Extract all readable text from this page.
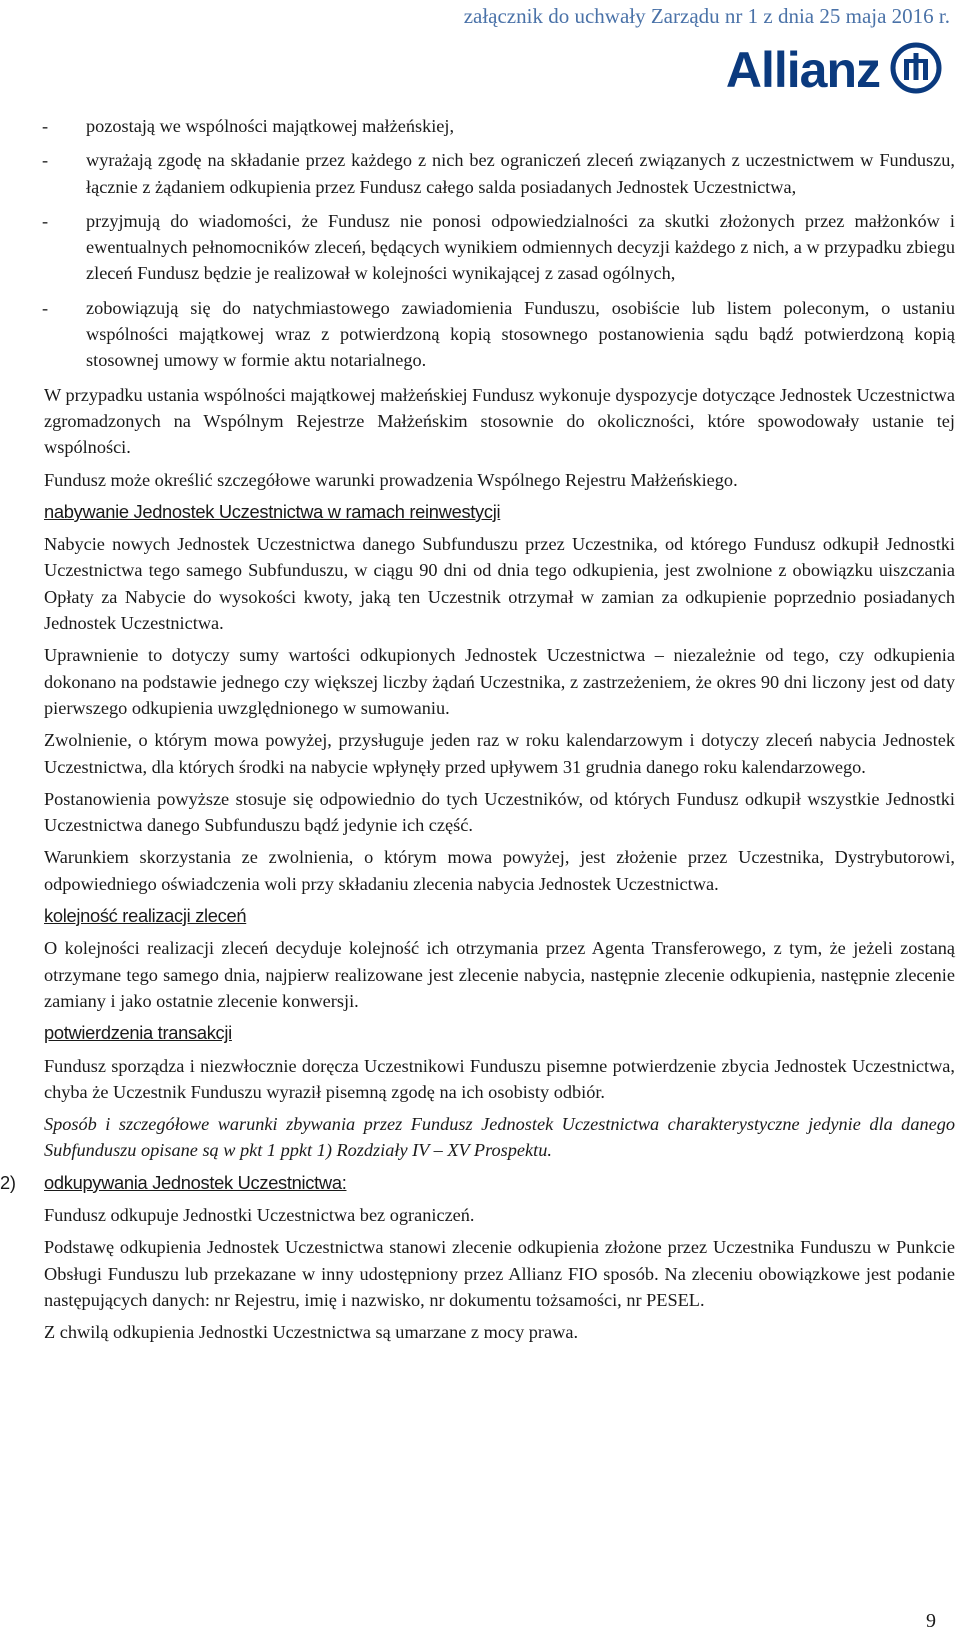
załącznik do uchwały Zarządu nr 1 z dnia 25 maja 2016 r.
Allianz
-	pozostają we wspólności majątkowej małżeńskiej,
-	wyrażają zgodę na składanie przez każdego z nich bez ograniczeń zleceń związanych z uczestnictwem w Funduszu, łącznie z żądaniem odkupienia przez Fundusz całego salda posiadanych Jednostek Uczestnictwa,
-	przyjmują do wiadomości, że Fundusz nie ponosi odpowiedzialności za skutki złożonych przez małżonków i ewentualnych pełnomocników zleceń, będących wynikiem odmiennych decyzji każdego z nich, a w przypadku zbiegu zleceń Fundusz będzie je realizował w kolejności wynikającej z zasad ogólnych,
-	zobowiązują się do natychmiastowego zawiadomienia Funduszu, osobiście lub listem poleconym, o ustaniu wspólności majątkowej wraz z potwierdzoną kopią stosownego postanowienia sądu bądź potwierdzoną kopią stosownej umowy w formie aktu notarialnego.

W przypadku ustania wspólności majątkowej małżeńskiej Fundusz wykonuje dyspozycje dotyczące Jednostek Uczestnictwa zgromadzonych na Wspólnym Rejestrze Małżeńskim stosownie do okoliczności, które spowodowały ustanie tej wspólności.

Fundusz może określić szczegółowe warunki prowadzenia Wspólnego Rejestru Małżeńskiego.

nabywanie Jednostek Uczestnictwa w ramach reinwestycji

Nabycie nowych Jednostek Uczestnictwa danego Subfunduszu przez Uczestnika, od którego Fundusz odkupił Jednostki Uczestnictwa tego samego Subfunduszu, w ciągu 90 dni od dnia tego odkupienia, jest zwolnione z obowiązku uiszczania Opłaty za Nabycie do wysokości kwoty, jaką ten Uczestnik otrzymał w zamian za odkupienie poprzednio posiadanych Jednostek Uczestnictwa.

Uprawnienie to dotyczy sumy wartości odkupionych Jednostek Uczestnictwa – niezależnie od tego, czy odkupienia dokonano na podstawie jednego czy większej liczby żądań Uczestnika, z zastrzeżeniem, że okres 90 dni liczony jest od daty pierwszego odkupienia uwzględnionego w sumowaniu.

Zwolnienie, o którym mowa powyżej, przysługuje jeden raz w roku kalendarzowym i dotyczy zleceń nabycia Jednostek Uczestnictwa, dla których środki na nabycie wpłynęły przed upływem 31 grudnia danego roku kalendarzowego.

Postanowienia powyższe stosuje się odpowiednio do tych Uczestników, od których Fundusz odkupił wszystkie Jednostki Uczestnictwa danego Subfunduszu bądź jedynie ich część.

Warunkiem skorzystania ze zwolnienia, o którym mowa powyżej, jest złożenie przez Uczestnika, Dystrybutorowi, odpowiedniego oświadczenia woli przy składaniu zlecenia nabycia Jednostek Uczestnictwa.

kolejność realizacji zleceń

O kolejności realizacji zleceń decyduje kolejność ich otrzymania przez Agenta Transferowego, z tym, że jeżeli zostaną otrzymane tego samego dnia, najpierw realizowane jest zlecenie nabycia, następnie zlecenie odkupienia, następnie zlecenie zamiany i jako ostatnie zlecenie konwersji.

potwierdzenia transakcji

Fundusz sporządza i niezwłocznie doręcza Uczestnikowi Funduszu pisemne potwierdzenie zbycia Jednostek Uczestnictwa, chyba że Uczestnik Funduszu wyraził pisemną zgodę na ich osobisty odbiór.

Sposób i szczegółowe warunki zbywania przez Fundusz Jednostek Uczestnictwa charakterystyczne jedynie dla danego Subfunduszu opisane są w pkt 1 ppkt 1) Rozdziały IV – XV Prospektu.

2) odkupywania Jednostek Uczestnictwa:

Fundusz odkupuje Jednostki Uczestnictwa bez ograniczeń.

Podstawę odkupienia Jednostek Uczestnictwa stanowi zlecenie odkupienia złożone przez Uczestnika Funduszu w Punkcie Obsługi Funduszu lub przekazane w inny udostępniony przez Allianz FIO sposób. Na zleceniu obowiązkowe jest podanie następujących danych: nr Rejestru, imię i nazwisko, nr dokumentu tożsamości, nr PESEL.

Z chwilą odkupienia Jednostki Uczestnictwa są umarzane z mocy prawa.

9
